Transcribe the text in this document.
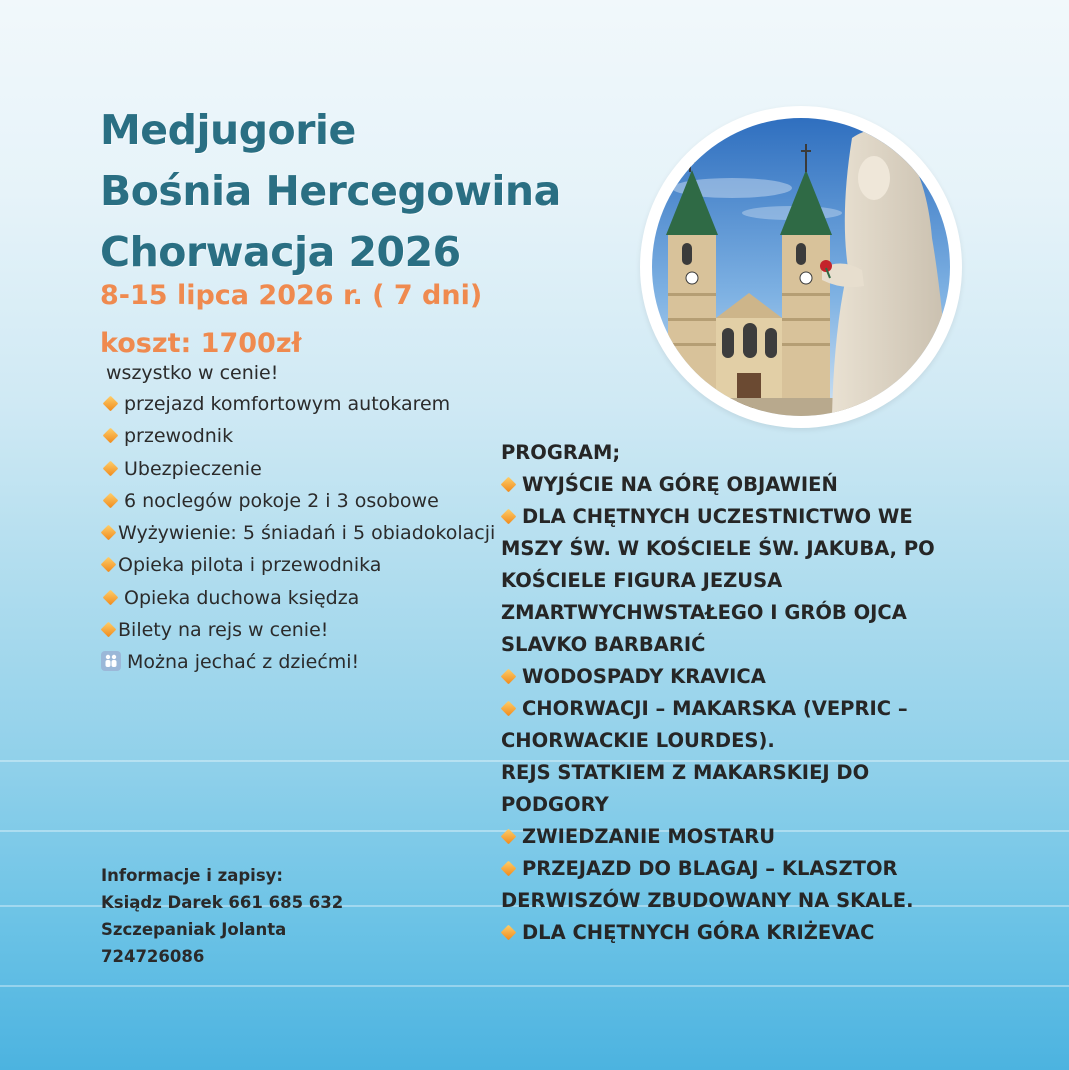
Medjugorie
Bośnia Hercegowina
Chorwacja 2026
8-15 lipca 2026 r. ( 7 dni)
koszt: 1700zł
wszystko w cenie!
przejazd komfortowym autokarem
przewodnik
Ubezpieczenie
6 noclegów pokoje 2 i 3 osobowe
Wyżywienie: 5 śniadań i 5 obiadokolacji
Opieka pilota i przewodnika
Opieka duchowa księdza
Bilety na rejs w cenie!
Można jechać z dziećmi!
PROGRAM;
WYJŚCIE NA GÓRĘ OBJAWIEŃ
DLA CHĘTNYCH UCZESTNICTWO WE MSZY ŚW. W KOŚCIELE ŚW. JAKUBA, PO KOŚCIELE FIGURA JEZUSA ZMARTWYCHWSTAŁEGO I GRÓB OJCA SLAVKO BARBARIĆ
WODOSPADY KRAVICA
CHORWACJI – MAKARSKA (VEPRIC – CHORWACKIE LOURDES).
REJS STATKIEM Z MAKARSKIEJ DO PODGORY
ZWIEDZANIE MOSTARU
PRZEJAZD DO BLAGAJ – KLASZTOR DERWISZÓW ZBUDOWANY NA SKALE.
DLA CHĘTNYCH GÓRA KRIŻEVAC
Informacje i zapisy:
Ksiądz Darek 661 685 632
Szczepaniak Jolanta
724726086
